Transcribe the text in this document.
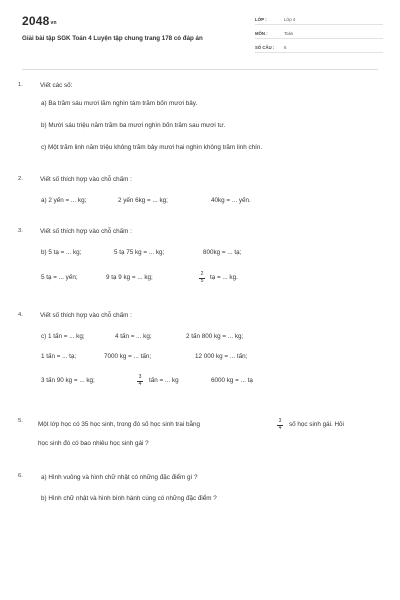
$2048^{vn}$
Giải bài tập SGK Toán 4 Luyện tập chung trang 178 có đáp án
LỚP :	Lớp 4
MÔN :	Toán
SỐ CÂU : 6
1.	Viết các số:
a) Ba trăm sáu mươi lăm nghìn tám trăm bốn mươi bảy.
b) Mười sáu triệu năm trăm ba mươi nghìn bốn trăm sau mươi tư.
c) Một trăm linh năm triệu không trăm bảy mươi hai nghìn không trăm linh chín.
2.	Viết số thích hợp vào chỗ chấm :
a) 2 yến = ... kg;	2 yến 6kg = ... kg;	40kg = ... yến.
3.	Viết số thích hợp vào chỗ chấm :
b) 5 tạ = ... kg;	5 tạ 75 kg = ... kg;	800kg = ... tạ;
5 tạ = ... yến;	9 tạ 9 kg = ... kg;	$\frac{2}{5}$ tạ = ... kg.
4.	Viết số thích hợp vào chỗ chấm :
c) 1 tấn = ... kg;	4 tấn = ... kg;	2 tấn 800 kg = ... kg;
1 tấn = ... tạ;	7000 kg = ... tấn;	12 000 kg = ... tấn;
3 tấn 90 kg = ... kg;	$\frac{3}{4}$ tấn = ... kg	6000 kg = ... tạ
5. Một lớp học có 35 học sinh, trong đó số học sinh trai bằng	$\frac{3}{4}$ số học sinh gái. Hỏi
học sinh đó có bao nhiêu học sinh gái ?
6.	a) Hình vuông và hình chữ nhật có những đặc điểm gì ?
b) Hình chữ nhật và hình bình hành cùng có những đặc điểm ?
